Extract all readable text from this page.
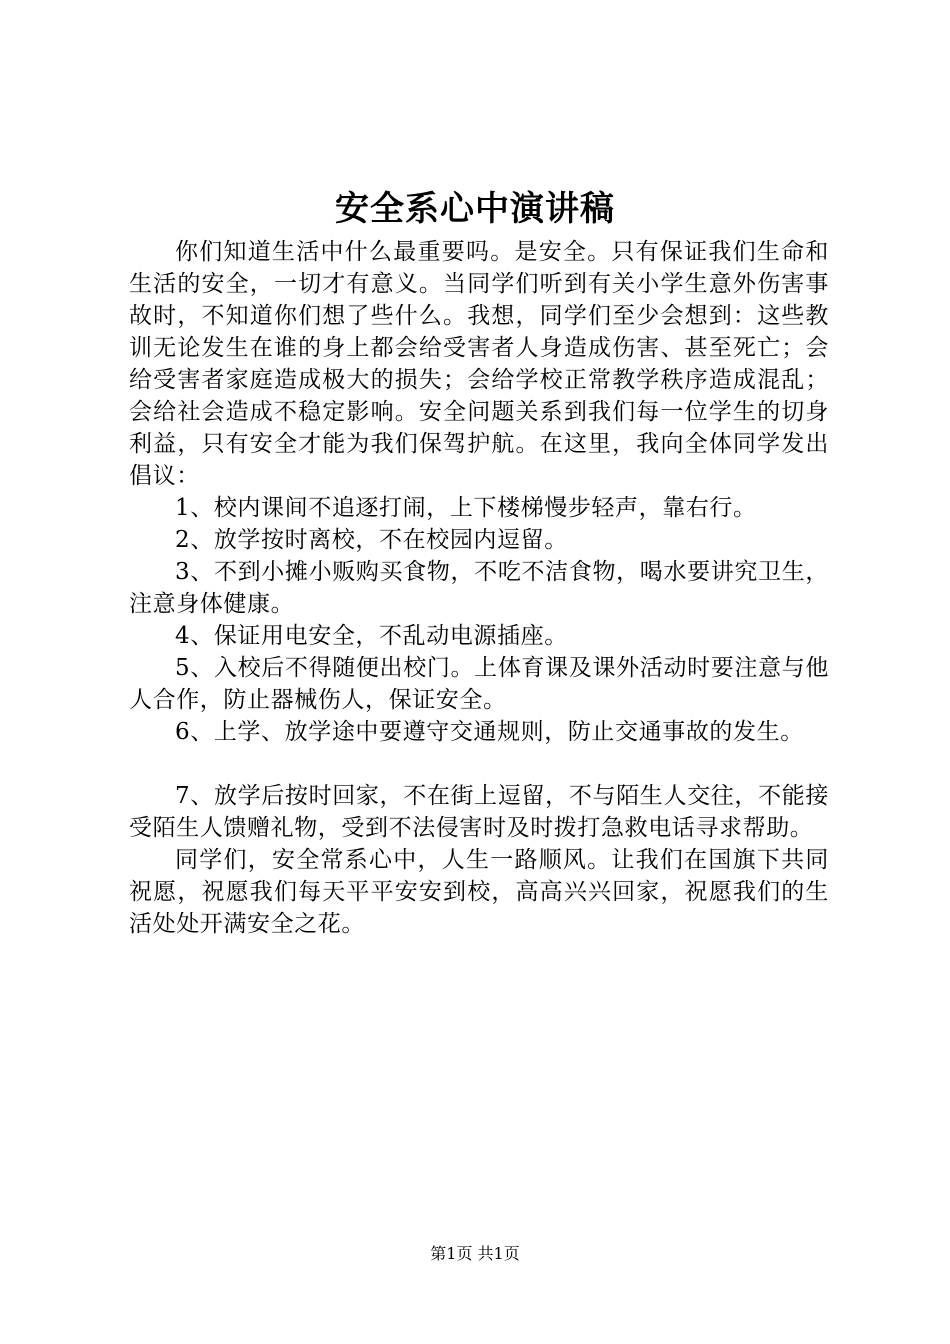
安全系心中演讲稿

你们知道生活中什么最重要吗。是安全。只有保证我们生命和生活的安全，一切才有意义。当同学们听到有关小学生意外伤害事故时，不知道你们想了些什么。我想，同学们至少会想到：这些教训无论发生在谁的身上都会给受害者人身造成伤害、甚至死亡；会给受害者家庭造成极大的损失；会给学校正常教学秩序造成混乱；会给社会造成不稳定影响。安全问题关系到我们每一位学生的切身利益，只有安全才能为我们保驾护航。在这里，我向全体同学发出倡议：

1、校内课间不追逐打闹，上下楼梯慢步轻声，靠右行。

2、放学按时离校，不在校园内逗留。

3、不到小摊小贩购买食物，不吃不洁食物，喝水要讲究卫生，注意身体健康。

4、保证用电安全，不乱动电源插座。

5、入校后不得随便出校门。上体育课及课外活动时要注意与他人合作，防止器械伤人，保证安全。

6、上学、放学途中要遵守交通规则，防止交通事故的发生。

7、放学后按时回家，不在街上逗留，不与陌生人交往，不能接受陌生人馈赠礼物，受到不法侵害时及时拨打急救电话寻求帮助。

同学们，安全常系心中，人生一路顺风。让我们在国旗下共同祝愿，祝愿我们每天平平安安到校，高高兴兴回家，祝愿我们的生活处处开满安全之花。

第1页 共1页
